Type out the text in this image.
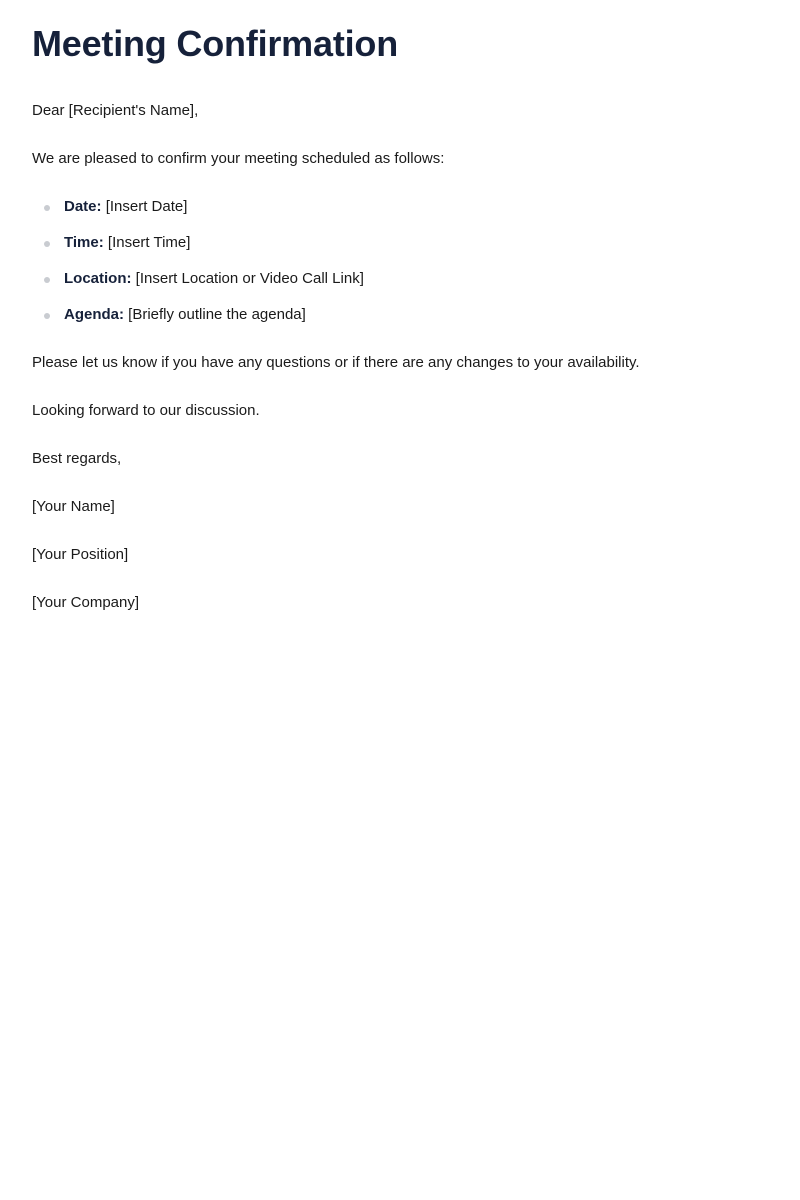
Meeting Confirmation

Dear [Recipient's Name],

We are pleased to confirm your meeting scheduled as follows:

Date: [Insert Date]
Time: [Insert Time]
Location: [Insert Location or Video Call Link]
Agenda: [Briefly outline the agenda]

Please let us know if you have any questions or if there are any changes to your availability.

Looking forward to our discussion.

Best regards,

[Your Name]

[Your Position]

[Your Company]
